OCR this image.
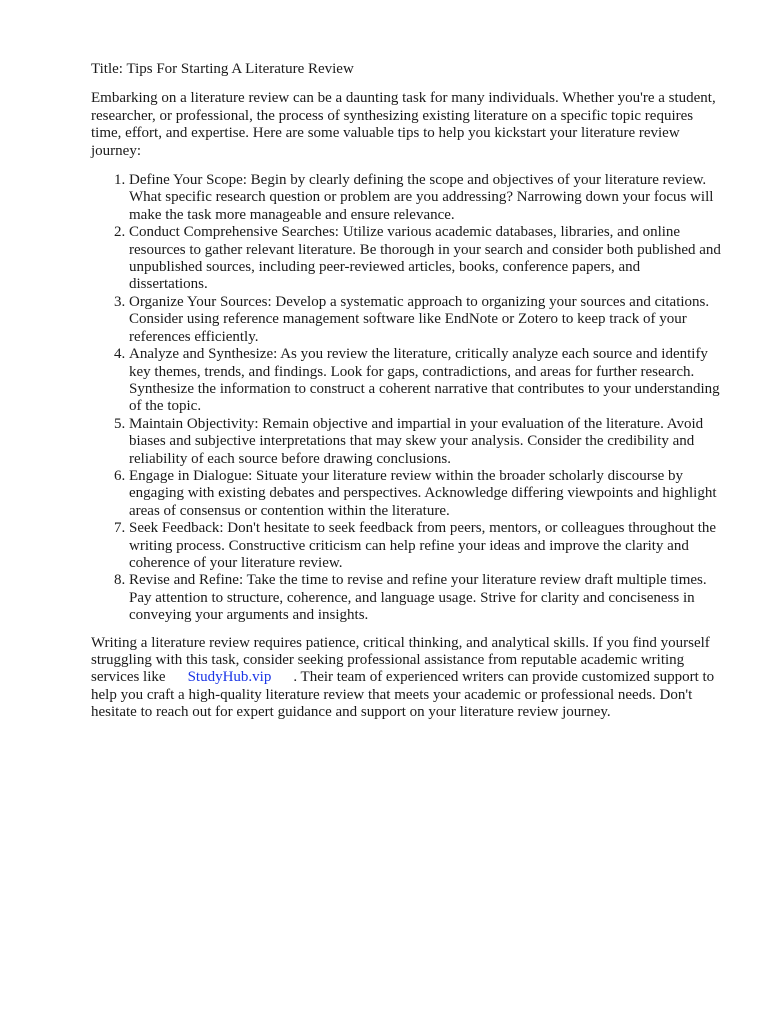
Title: Tips For Starting A Literature Review

Embarking on a literature review can be a daunting task for many individuals. Whether you're a student, researcher, or professional, the process of synthesizing existing literature on a specific topic requires time, effort, and expertise. Here are some valuable tips to help you kickstart your literature review journey:

1. Define Your Scope: Begin by clearly defining the scope and objectives of your literature review. What specific research question or problem are you addressing? Narrowing down your focus will make the task more manageable and ensure relevance.
2. Conduct Comprehensive Searches: Utilize various academic databases, libraries, and online resources to gather relevant literature. Be thorough in your search and consider both published and unpublished sources, including peer-reviewed articles, books, conference papers, and dissertations.
3. Organize Your Sources: Develop a systematic approach to organizing your sources and citations. Consider using reference management software like EndNote or Zotero to keep track of your references efficiently.
4. Analyze and Synthesize: As you review the literature, critically analyze each source and identify key themes, trends, and findings. Look for gaps, contradictions, and areas for further research. Synthesize the information to construct a coherent narrative that contributes to your understanding of the topic.
5. Maintain Objectivity: Remain objective and impartial in your evaluation of the literature. Avoid biases and subjective interpretations that may skew your analysis. Consider the credibility and reliability of each source before drawing conclusions.
6. Engage in Dialogue: Situate your literature review within the broader scholarly discourse by engaging with existing debates and perspectives. Acknowledge differing viewpoints and highlight areas of consensus or contention within the literature.
7. Seek Feedback: Don't hesitate to seek feedback from peers, mentors, or colleagues throughout the writing process. Constructive criticism can help refine your ideas and improve the clarity and coherence of your literature review.
8. Revise and Refine: Take the time to revise and refine your literature review draft multiple times. Pay attention to structure, coherence, and language usage. Strive for clarity and conciseness in conveying your arguments and insights.

Writing a literature review requires patience, critical thinking, and analytical skills. If you find yourself struggling with this task, consider seeking professional assistance from reputable academic writing services like StudyHub.vip . Their team of experienced writers can provide customized support to help you craft a high-quality literature review that meets your academic or professional needs. Don't hesitate to reach out for expert guidance and support on your literature review journey.
